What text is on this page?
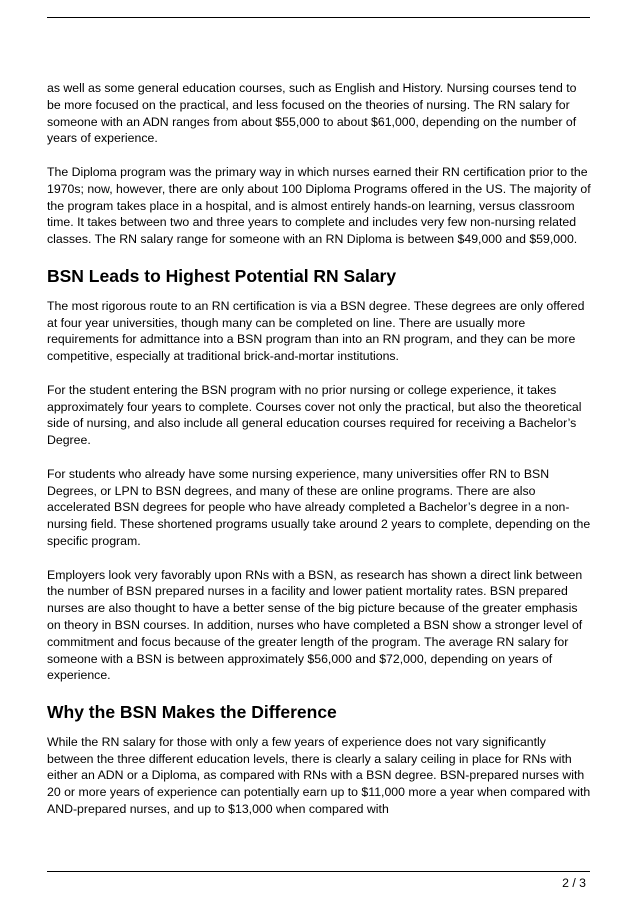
as well as some general education courses, such as English and History. Nursing courses tend to be more focused on the practical, and less focused on the theories of nursing. The RN salary for someone with an ADN ranges from about $55,000 to about $61,000, depending on the number of years of experience.

The Diploma program was the primary way in which nurses earned their RN certification prior to the 1970s; now, however, there are only about 100 Diploma Programs offered in the US. The majority of the program takes place in a hospital, and is almost entirely hands-on learning, versus classroom time. It takes between two and three years to complete and includes very few non-nursing related classes. The RN salary range for someone with an RN Diploma is between $49,000 and $59,000.

BSN Leads to Highest Potential RN Salary

The most rigorous route to an RN certification is via a BSN degree. These degrees are only offered at four year universities, though many can be completed on line. There are usually more requirements for admittance into a BSN program than into an RN program, and they can be more competitive, especially at traditional brick-and-mortar institutions.

For the student entering the BSN program with no prior nursing or college experience, it takes approximately four years to complete. Courses cover not only the practical, but also the theoretical side of nursing, and also include all general education courses required for receiving a Bachelor’s Degree.

For students who already have some nursing experience, many universities offer RN to BSN Degrees, or LPN to BSN degrees, and many of these are online programs. There are also accelerated BSN degrees for people who have already completed a Bachelor’s degree in a non-nursing field. These shortened programs usually take around 2 years to complete, depending on the specific program.

Employers look very favorably upon RNs with a BSN, as research has shown a direct link between the number of BSN prepared nurses in a facility and lower patient mortality rates. BSN prepared nurses are also thought to have a better sense of the big picture because of the greater emphasis on theory in BSN courses. In addition, nurses who have completed a BSN show a stronger level of commitment and focus because of the greater length of the program. The average RN salary for someone with a BSN is between approximately $56,000 and $72,000, depending on years of experience.

Why the BSN Makes the Difference

While the RN salary for those with only a few years of experience does not vary significantly between the three different education levels, there is clearly a salary ceiling in place for RNs with either an ADN or a Diploma, as compared with RNs with a BSN degree. BSN-prepared nurses with 20 or more years of experience can potentially earn up to $11,000 more a year when compared with AND-prepared nurses, and up to $13,000 when compared with

2 / 3
